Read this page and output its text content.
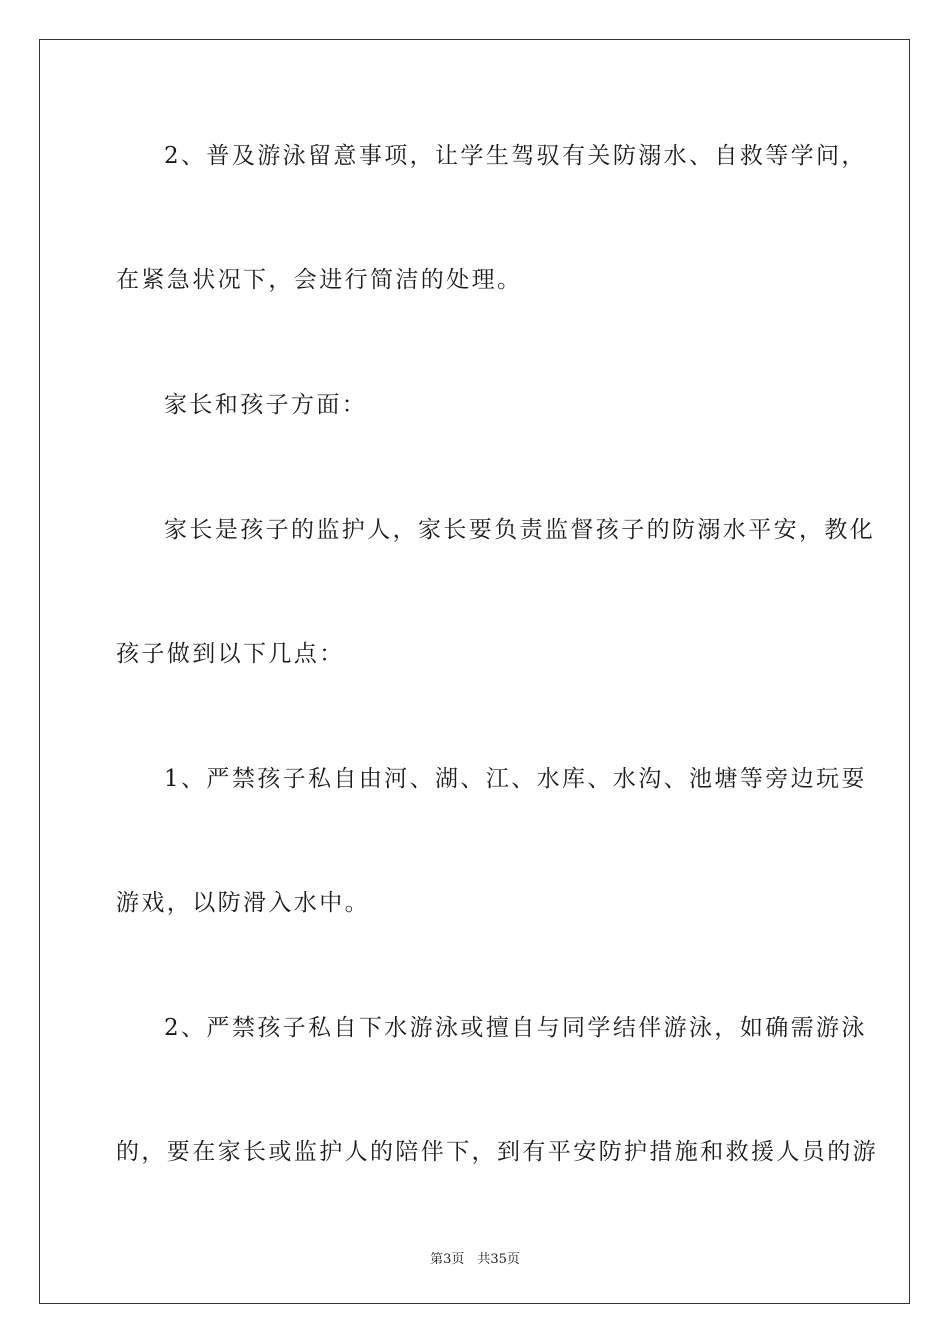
2、普及游泳留意事项，让学生驾驭有关防溺水、自救等学问，
在紧急状况下，会进行简洁的处理。
家长和孩子方面：
家长是孩子的监护人，家长要负责监督孩子的防溺水平安，教化
孩子做到以下几点：
1、严禁孩子私自由河、湖、江、水库、水沟、池塘等旁边玩耍
游戏，以防滑入水中。
2、严禁孩子私自下水游泳或擅自与同学结伴游泳，如确需游泳
的，要在家长或监护人的陪伴下，到有平安防护措施和救援人员的游
第3页　共35页
